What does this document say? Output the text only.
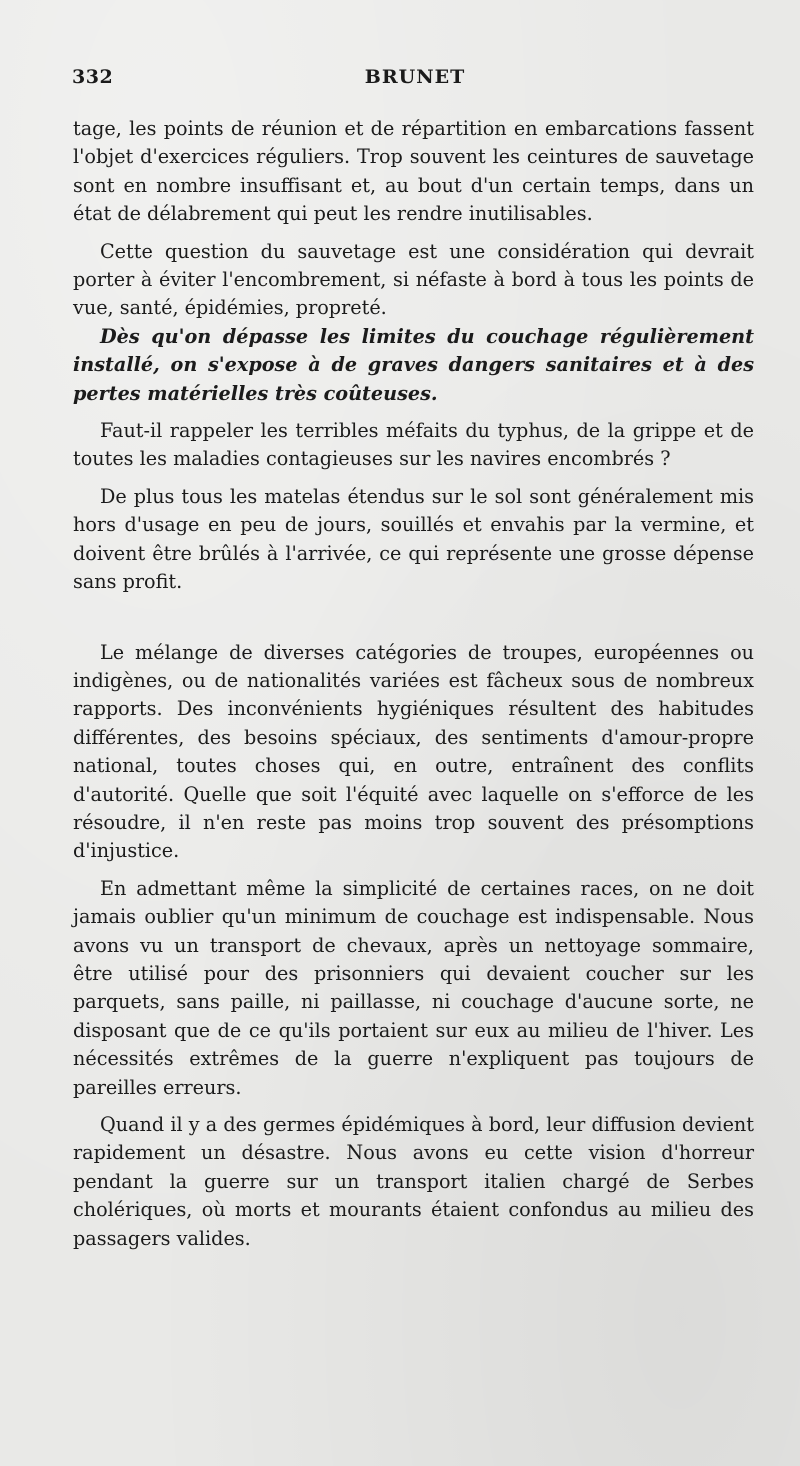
332	BRUNET

tage, les points de réunion et de répartition en embarcations fassent l'objet d'exercices réguliers. Trop souvent les ceintures de sauvetage sont en nombre insuffisant et, au bout d'un certain temps, dans un état de délabrement qui peut les rendre inutilisables.

Cette question du sauvetage est une considération qui devrait porter à éviter l'encombrement, si néfaste à bord à tous les points de vue, santé, épidémies, propreté.

Dès qu'on dépasse les limites du couchage régulièrement installé, on s'expose à de graves dangers sanitaires et à des pertes matérielles très coûteuses.

Faut-il rappeler les terribles méfaits du typhus, de la grippe et de toutes les maladies contagieuses sur les navires encombrés ?

De plus tous les matelas étendus sur le sol sont généralement mis hors d'usage en peu de jours, souillés et envahis par la vermine, et doivent être brûlés à l'arrivée, ce qui représente une grosse dépense sans profit.

Le mélange de diverses catégories de troupes, européennes ou indigènes, ou de nationalités variées est fâcheux sous de nombreux rapports. Des inconvénients hygiéniques résultent des habitudes différentes, des besoins spéciaux, des sentiments d'amour-propre national, toutes choses qui, en outre, entraînent des conflits d'autorité. Quelle que soit l'équité avec laquelle on s'efforce de les résoudre, il n'en reste pas moins trop souvent des présomptions d'injustice.

En admettant même la simplicité de certaines races, on ne doit jamais oublier qu'un minimum de couchage est indispensable. Nous avons vu un transport de chevaux, après un nettoyage sommaire, être utilisé pour des prisonniers qui devaient coucher sur les parquets, sans paille, ni paillasse, ni couchage d'aucune sorte, ne disposant que de ce qu'ils portaient sur eux au milieu de l'hiver. Les nécessités extrêmes de la guerre n'expliquent pas toujours de pareilles erreurs.

Quand il y a des germes épidémiques à bord, leur diffusion devient rapidement un désastre. Nous avons eu cette vision d'horreur pendant la guerre sur un transport italien chargé de Serbes cholériques, où morts et mourants étaient confondus au milieu des passagers valides.
